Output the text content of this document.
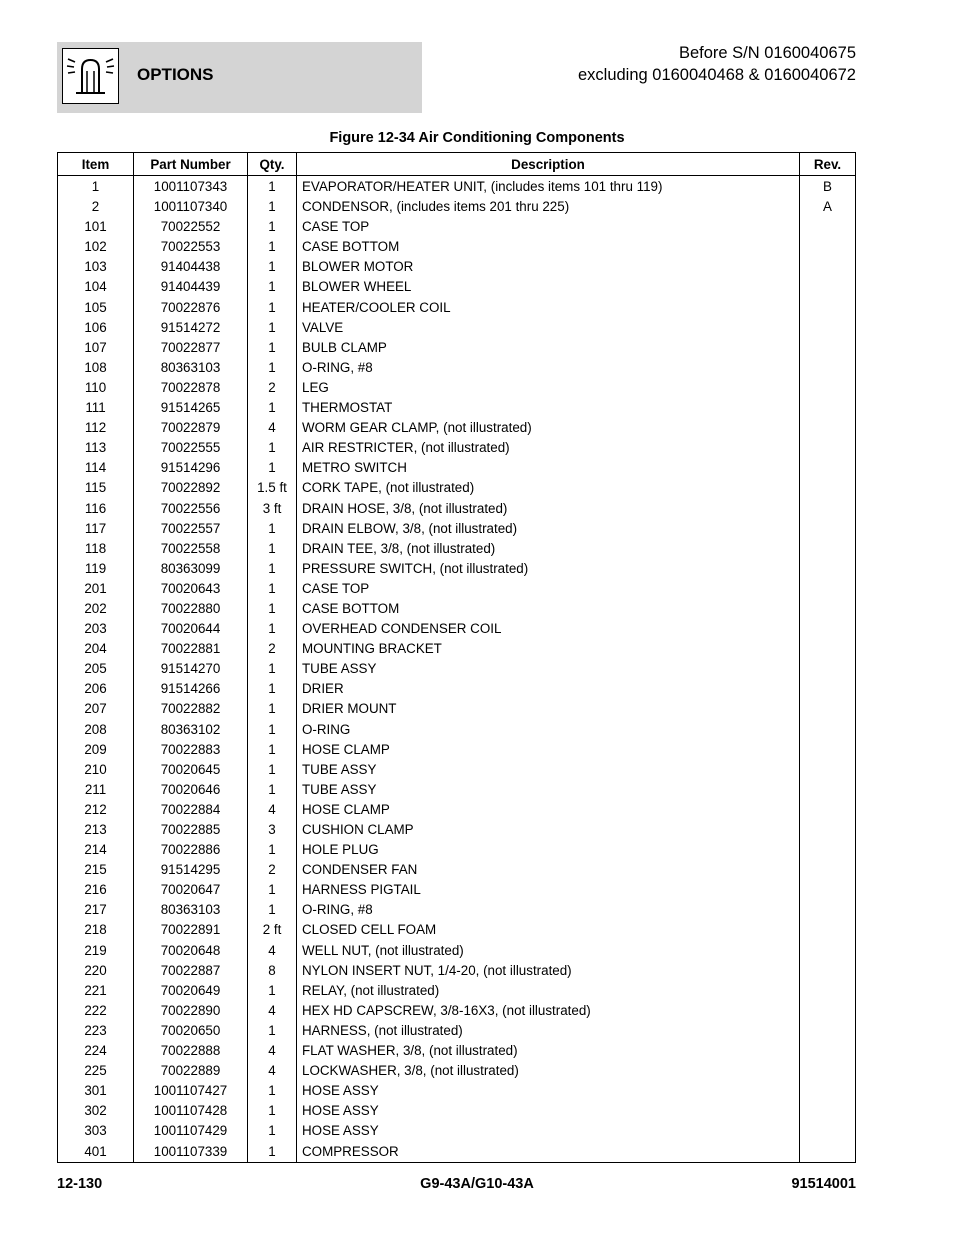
OPTIONS
Before S/N 0160040675
excluding 0160040468 & 0160040672
Figure 12-34 Air Conditioning Components
Item	Part Number	Qty.	Description	Rev.
1	1001107343	1	EVAPORATOR/HEATER UNIT, (includes items 101 thru 119)	B
2	1001107340	1	CONDENSOR, (includes items 201 thru 225)	A
101	70022552	1	CASE TOP	
102	70022553	1	CASE BOTTOM	
103	91404438	1	BLOWER MOTOR	
104	91404439	1	BLOWER WHEEL	
105	70022876	1	HEATER/COOLER COIL	
106	91514272	1	VALVE	
107	70022877	1	BULB CLAMP	
108	80363103	1	O-RING, #8	
110	70022878	2	LEG	
111	91514265	1	THERMOSTAT	
112	70022879	4	WORM GEAR CLAMP, (not illustrated)	
113	70022555	1	AIR RESTRICTER, (not illustrated)	
114	91514296	1	METRO SWITCH	
115	70022892	1.5 ft	CORK TAPE, (not illustrated)	
116	70022556	3 ft	DRAIN HOSE, 3/8, (not illustrated)	
117	70022557	1	DRAIN ELBOW, 3/8, (not illustrated)	
118	70022558	1	DRAIN TEE, 3/8, (not illustrated)	
119	80363099	1	PRESSURE SWITCH, (not illustrated)	
201	70020643	1	CASE TOP	
202	70022880	1	CASE BOTTOM	
203	70020644	1	OVERHEAD CONDENSER COIL	
204	70022881	2	MOUNTING BRACKET	
205	91514270	1	TUBE ASSY	
206	91514266	1	DRIER	
207	70022882	1	DRIER MOUNT	
208	80363102	1	O-RING	
209	70022883	1	HOSE CLAMP	
210	70020645	1	TUBE ASSY	
211	70020646	1	TUBE ASSY	
212	70022884	4	HOSE CLAMP	
213	70022885	3	CUSHION CLAMP	
214	70022886	1	HOLE PLUG	
215	91514295	2	CONDENSER FAN	
216	70020647	1	HARNESS PIGTAIL	
217	80363103	1	O-RING, #8	
218	70022891	2 ft	CLOSED CELL FOAM	
219	70020648	4	WELL NUT, (not illustrated)	
220	70022887	8	NYLON INSERT NUT, 1/4-20, (not illustrated)	
221	70020649	1	RELAY, (not illustrated)	
222	70022890	4	HEX HD CAPSCREW, 3/8-16X3, (not illustrated)	
223	70020650	1	HARNESS, (not illustrated)	
224	70022888	4	FLAT WASHER, 3/8, (not illustrated)	
225	70022889	4	LOCKWASHER, 3/8, (not illustrated)	
301	1001107427	1	HOSE ASSY	
302	1001107428	1	HOSE ASSY	
303	1001107429	1	HOSE ASSY	
401	1001107339	1	COMPRESSOR	
12-130	G9-43A/G10-43A	91514001
